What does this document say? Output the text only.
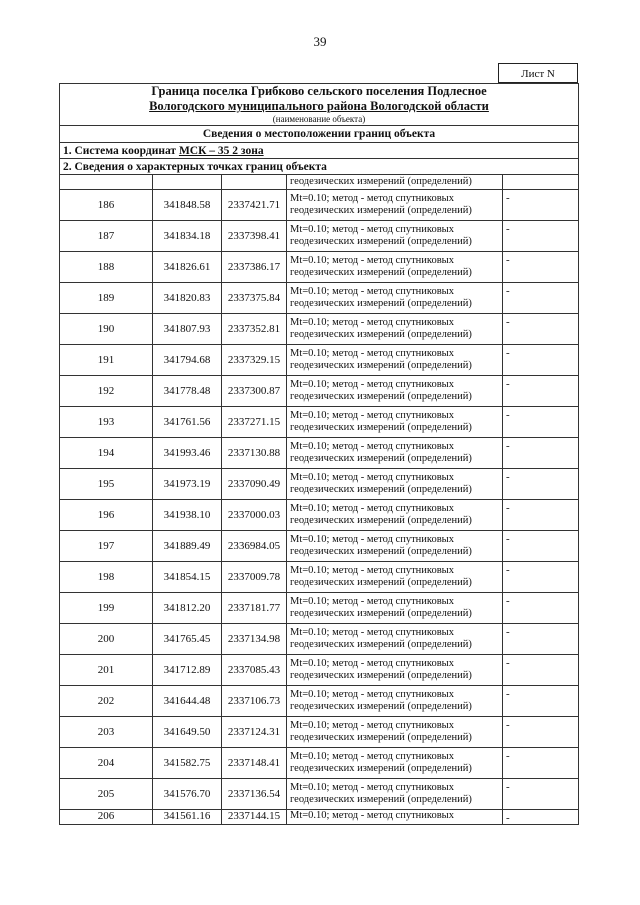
39
Лист N
Граница поселка Грибково сельского поселения Подлесное
Вологодского муниципального района Вологодской области
(наименование объекта)				

Сведения о местоположении границ объекта				
1. Система координат МСК – 35 2 зона				
2. Сведения о характерных точках границ объекта				
			геодезических измерений (определений)	
186	341848.58	2337421.71	Mt=0.10; метод - метод спутниковых
геодезических измерений (определений)	-
187	341834.18	2337398.41	Mt=0.10; метод - метод спутниковых
геодезических измерений (определений)	-
188	341826.61	2337386.17	Mt=0.10; метод - метод спутниковых
геодезических измерений (определений)	-
189	341820.83	2337375.84	Mt=0.10; метод - метод спутниковых
геодезических измерений (определений)	-
190	341807.93	2337352.81	Mt=0.10; метод - метод спутниковых
геодезических измерений (определений)	-
191	341794.68	2337329.15	Mt=0.10; метод - метод спутниковых
геодезических измерений (определений)	-
192	341778.48	2337300.87	Mt=0.10; метод - метод спутниковых
геодезических измерений (определений)	-
193	341761.56	2337271.15	Mt=0.10; метод - метод спутниковых
геодезических измерений (определений)	-
194	341993.46	2337130.88	Mt=0.10; метод - метод спутниковых
геодезических измерений (определений)	-
195	341973.19	2337090.49	Mt=0.10; метод - метод спутниковых
геодезических измерений (определений)	-
196	341938.10	2337000.03	Mt=0.10; метод - метод спутниковых
геодезических измерений (определений)	-
197	341889.49	2336984.05	Mt=0.10; метод - метод спутниковых
геодезических измерений (определений)	-
198	341854.15	2337009.78	Mt=0.10; метод - метод спутниковых
геодезических измерений (определений)	-
199	341812.20	2337181.77	Mt=0.10; метод - метод спутниковых
геодезических измерений (определений)	-
200	341765.45	2337134.98	Mt=0.10; метод - метод спутниковых
геодезических измерений (определений)	-
201	341712.89	2337085.43	Mt=0.10; метод - метод спутниковых
геодезических измерений (определений)	-
202	341644.48	2337106.73	Mt=0.10; метод - метод спутниковых
геодезических измерений (определений)	-
203	341649.50	2337124.31	Mt=0.10; метод - метод спутниковых
геодезических измерений (определений)	-
204	341582.75	2337148.41	Mt=0.10; метод - метод спутниковых
геодезических измерений (определений)	-
205	341576.70	2337136.54	Mt=0.10; метод - метод спутниковых
геодезических измерений (определений)	-
206	341561.16	2337144.15	Mt=0.10; метод - метод спутниковых	-
